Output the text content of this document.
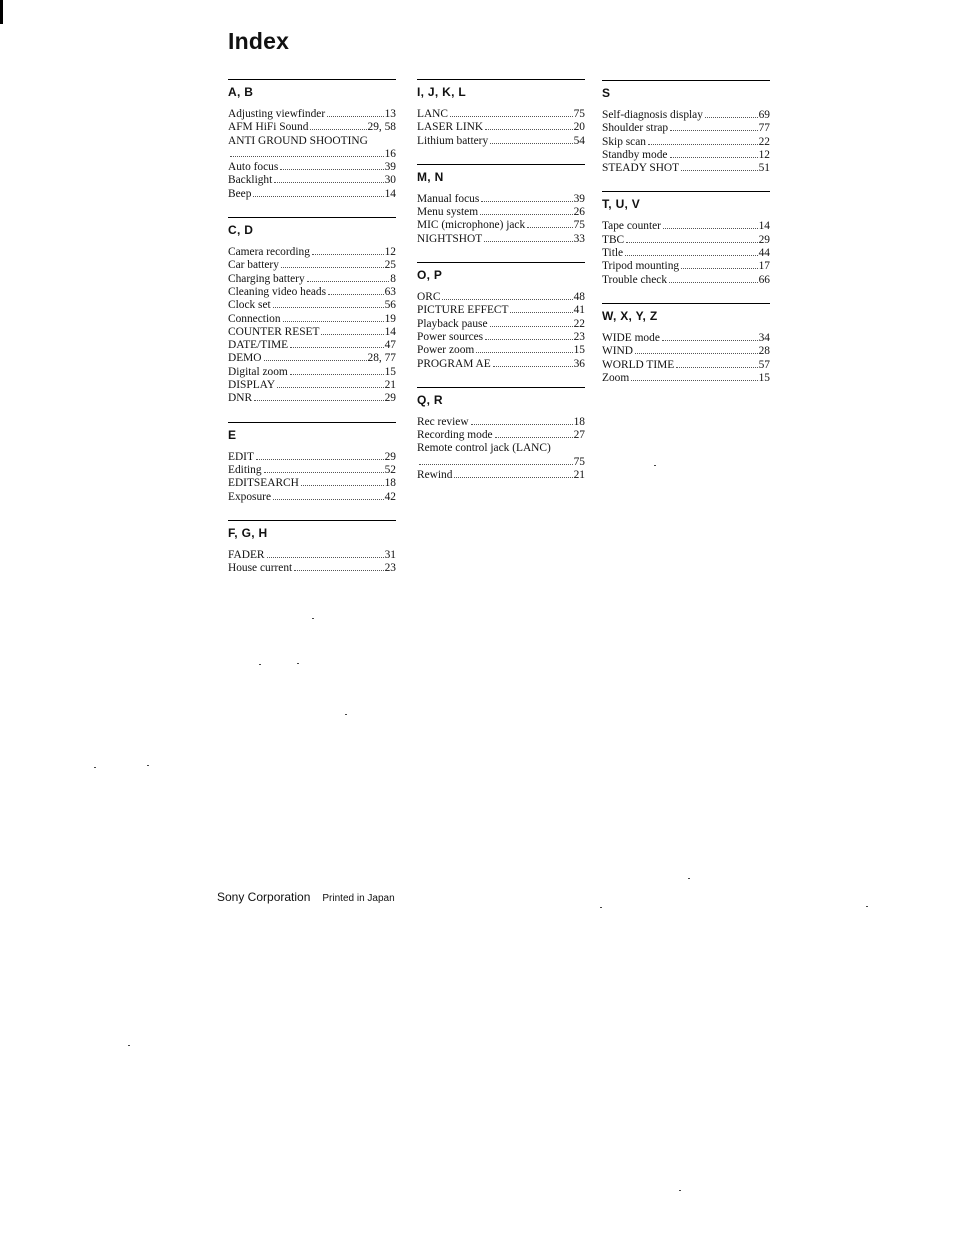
Index
A, B
Adjusting viewfinder	13
AFM HiFi Sound	29, 58
ANTI GROUND SHOOTING
16
Auto focus	39
Backlight	30
Beep	14
C, D
Camera recording	12
Car battery	25
Charging battery	8
Cleaning video heads	63
Clock set	56
Connection	19
COUNTER RESET	14
DATE/TIME	47
DEMO	28, 77
Digital zoom	15
DISPLAY	21
DNR	29
E
EDIT	29
Editing	52
EDITSEARCH	18
Exposure	42
F, G, H
FADER	31
House current	23
I, J, K, L
LANC	75
LASER LINK	20
Lithium battery	54
M, N
Manual focus	39
Menu system	26
MIC (microphone) jack	75
NIGHTSHOT	33
O, P
ORC	48
PICTURE EFFECT	41
Playback pause	22
Power sources	23
Power zoom	15
PROGRAM AE	36
Q, R
Rec review	18
Recording mode	27
Remote control jack (LANC)
75
Rewind	21
S
Self-diagnosis display	69
Shoulder strap	77
Skip scan	22
Standby mode	12
STEADY SHOT	51
T, U, V
Tape counter	14
TBC	29
Title	44
Tripod mounting	17
Trouble check	66
W, X, Y, Z
WIDE mode	34
WIND	28
WORLD TIME	57
Zoom	15
Sony Corporation Printed in Japan
